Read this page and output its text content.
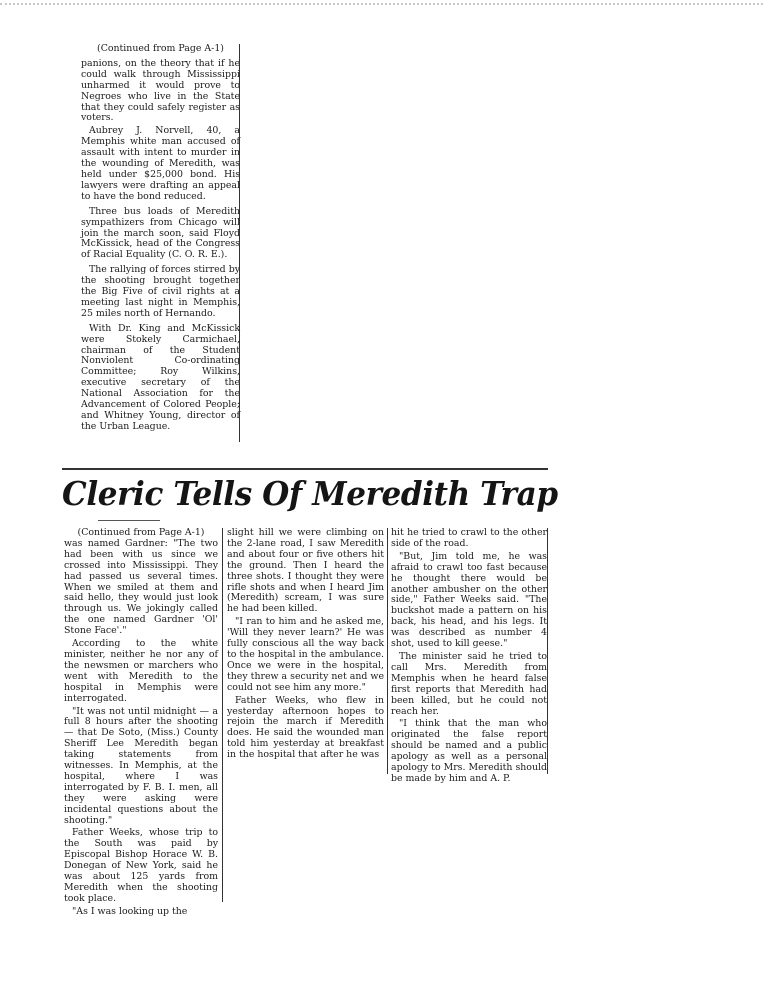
(Continued from Page A-1)

panions, on the theory that if he could walk through Mississippi unharmed it would prove to Negroes who live in the State that they could safely register as voters.

Aubrey J. Norvell, 40, a Memphis white man accused of assault with intent to murder in the wounding of Meredith, was held under $25,000 bond. His lawyers were drafting an appeal to have the bond reduced.

Three bus loads of Meredith sympathizers from Chicago will join the march soon, said Floyd McKissick, head of the Congress of Racial Equality (C. O. R. E.).

The rallying of forces stirred by the shooting brought together the Big Five of civil rights at a meeting last night in Memphis, 25 miles north of Hernando.

With Dr. King and McKissick were Stokely Carmichael, chairman of the Student Nonviolent Co-ordinating Committee; Roy Wilkins, executive secretary of the National Association for the Advancement of Colored People; and Whitney Young, director of the Urban League.

Cleric Tells Of Meredith Trap

(Continued from Page A-1)

was named Gardner: "The two had been with us since we crossed into Mississippi. They had passed us several times. When we smiled at them and said hello, they would just look through us. We jokingly called the one named Gardner 'Ol' Stone Face'."

According to the white minister, neither he nor any of the newsmen or marchers who went with Meredith to the hospital in Memphis were interrogated.

"It was not until midnight — a full 8 hours after the shooting — that De Soto, (Miss.) County Sheriff Lee Meredith began taking statements from witnesses. In Memphis, at the hospital, where I was interrogated by F. B. I. men, all they were asking were incidental questions about the shooting."

Father Weeks, whose trip to the South was paid by Episcopal Bishop Horace W. B. Donegan of New York, said he was about 125 yards from Meredith when the shooting took place.

"As I was looking up the

slight hill we were climbing on the 2-lane road, I saw Meredith and about four or five others hit the ground. Then I heard the three shots. I thought they were rifle shots and when I heard Jim (Meredith) scream, I was sure he had been killed.

"I ran to him and he asked me, 'Will they never learn?' He was fully conscious all the way back to the hospital in the ambulance. Once we were in the hospital, they threw a security net and we could not see him any more."

Father Weeks, who flew in yesterday afternoon hopes to rejoin the march if Meredith does. He said the wounded man told him yesterday at breakfast in the hospital that after he was

hit he tried to crawl to the other side of the road.

"But, Jim told me, he was afraid to crawl too fast because he thought there would be another ambusher on the other side," Father Weeks said. "The buckshot made a pattern on his back, his head, and his legs. It was described as number 4 shot, used to kill geese."

The minister said he tried to call Mrs. Meredith from Memphis when he heard false first reports that Meredith had been killed, but he could not reach her.

"I think that the man who originated the false report should be named and a public apology as well as a personal apology to Mrs. Meredith should be made by him and A. P.
